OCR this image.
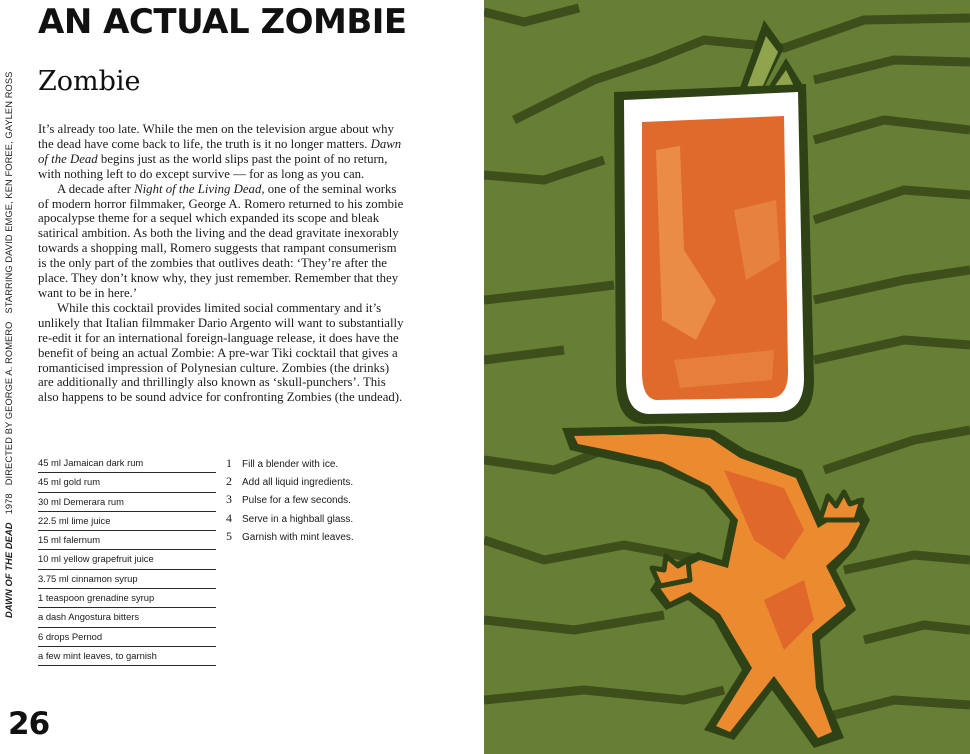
AN ACTUAL ZOMBIE
Zombie
DAWN OF THE DEAD1978DIRECTED BY GEORGE A. ROMEROSTARRING DAVID EMGE, KEN FOREE, GAYLEN ROSS It’s already too late. While the men on the television argue about why the dead have come back to life, the truth is it no longer matters. Dawn of the Dead begins just as the world slips past the point of no return, with nothing left to do except survive — for as long as you can.

A decade after Night of the Living Dead, one of the seminal works of modern horror filmmaker, George A. Romero returned to his zombie apocalypse theme for a sequel which expanded its scope and bleak satirical ambition. As both the living and the dead gravitate inexorably towards a shopping mall, Romero suggests that rampant consumerism is the only part of the zombies that outlives death: ‘They’re after the place. They don’t know why, they just remember. Remember that they want to be in here.’

While this cocktail provides limited social commentary and it’s unlikely that Italian filmmaker Dario Argento will want to substantially re-edit it for an international foreign-language release, it does have the benefit of being an actual Zombie: A pre-war Tiki cocktail that gives a romanticised impression of Polynesian culture. Zombies (the drinks) are additionally and thrillingly also known as ‘skull-punchers’. This also happens to be sound advice for confronting Zombies (the undead).

45 ml Jamaican dark rum
45 ml gold rum
30 ml Demerara rum
22.5 ml lime juice
15 ml falernum
10 ml yellow grapefruit juice
3.75 ml cinnamon syrup
1 teaspoon grenadine syrup
a dash Angostura bitters
6 drops Pernod
a few mint leaves, to garnish
1 Fill a blender with ice.
2 Add all liquid ingredients.
3 Pulse for a few seconds.
4 Serve in a highball glass.
5 Garnish with mint leaves.
26
